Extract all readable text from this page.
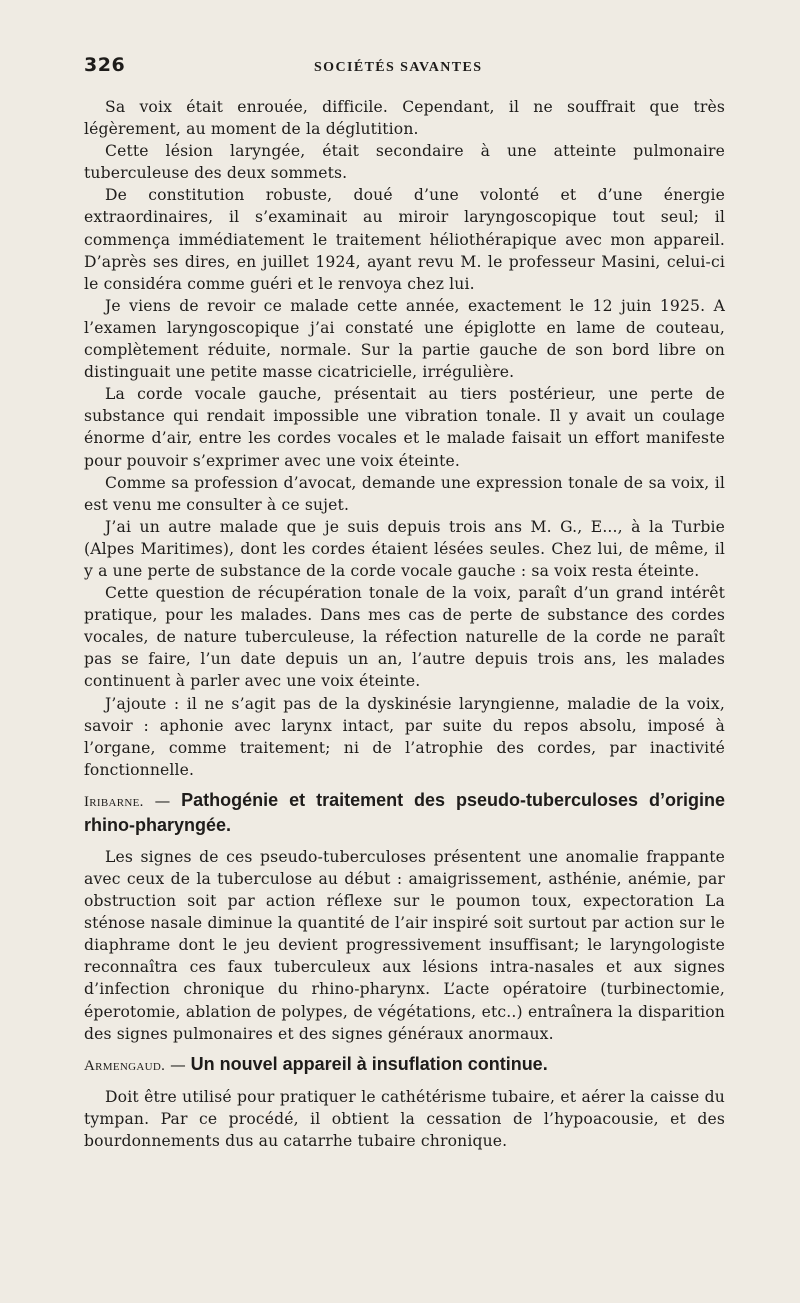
326	SOCIÉTÉS SAVANTES

Sa voix était enrouée, difficile. Cependant, il ne souffrait que très légèrement, au moment de la déglutition.

Cette lésion laryngée, était secondaire à une atteinte pulmonaire tuberculeuse des deux sommets.

De constitution robuste, doué d’une volonté et d’une énergie extraordinaires, il s’examinait au miroir laryngoscopique tout seul; il commença immédiatement le traitement héliothérapique avec mon appareil. D’après ses dires, en juillet 1924, ayant revu M. le professeur Masini, celui-ci le considéra comme guéri et le renvoya chez lui.

Je viens de revoir ce malade cette année, exactement le 12 juin 1925. A l’examen laryngoscopique j’ai constaté une épiglotte en lame de couteau, complètement réduite, normale. Sur la partie gauche de son bord libre on distinguait une petite masse cicatricielle, irrégulière.

La corde vocale gauche, présentait au tiers postérieur, une perte de substance qui rendait impossible une vibration tonale. Il y avait un coulage énorme d’air, entre les cordes vocales et le malade faisait un effort manifeste pour pouvoir s’exprimer avec une voix éteinte.

Comme sa profession d’avocat, demande une expression tonale de sa voix, il est venu me consulter à ce sujet.

J’ai un autre malade que je suis depuis trois ans M. G., E..., à la Turbie (Alpes Maritimes), dont les cordes étaient lésées seules. Chez lui, de même, il y a une perte de substance de la corde vocale gauche : sa voix resta éteinte.

Cette question de récupération tonale de la voix, paraît d’un grand intérêt pratique, pour les malades. Dans mes cas de perte de substance des cordes vocales, de nature tuberculeuse, la réfection naturelle de la corde ne paraît pas se faire, l’un date depuis un an, l’autre depuis trois ans, les malades continuent à parler avec une voix éteinte.

J’ajoute : il ne s’agit pas de la dyskinésie laryngienne, maladie de la voix, savoir : aphonie avec larynx intact, par suite du repos absolu, imposé à l’organe, comme traitement; ni de l’atrophie des cordes, par inactivité fonctionnelle.

Iribarne. — Pathogénie et traitement des pseudo-tuberculoses d’origine rhino-pharyngée.

Les signes de ces pseudo-tuberculoses présentent une anomalie frappante avec ceux de la tuberculose au début : amaigrissement, asthénie, anémie, par obstruction soit par action réflexe sur le poumon toux, expectoration La sténose nasale diminue la quantité de l’air inspiré soit surtout par action sur le diaphrame dont le jeu devient progressivement insuffisant; le laryngologiste reconnaîtra ces faux tuberculeux aux lésions intra-nasales et aux signes d’infection chronique du rhino-pharynx. L’acte opératoire (turbinectomie, éperotomie, ablation de polypes, de végétations, etc..) entraînera la disparition des signes pulmonaires et des signes généraux anormaux.

Armengaud. — Un nouvel appareil à insuflation continue.

Doit être utilisé pour pratiquer le cathétérisme tubaire, et aérer la caisse du tympan. Par ce procédé, il obtient la cessation de l’hypoacousie, et des bourdonnements dus au catarrhe tubaire chronique.
